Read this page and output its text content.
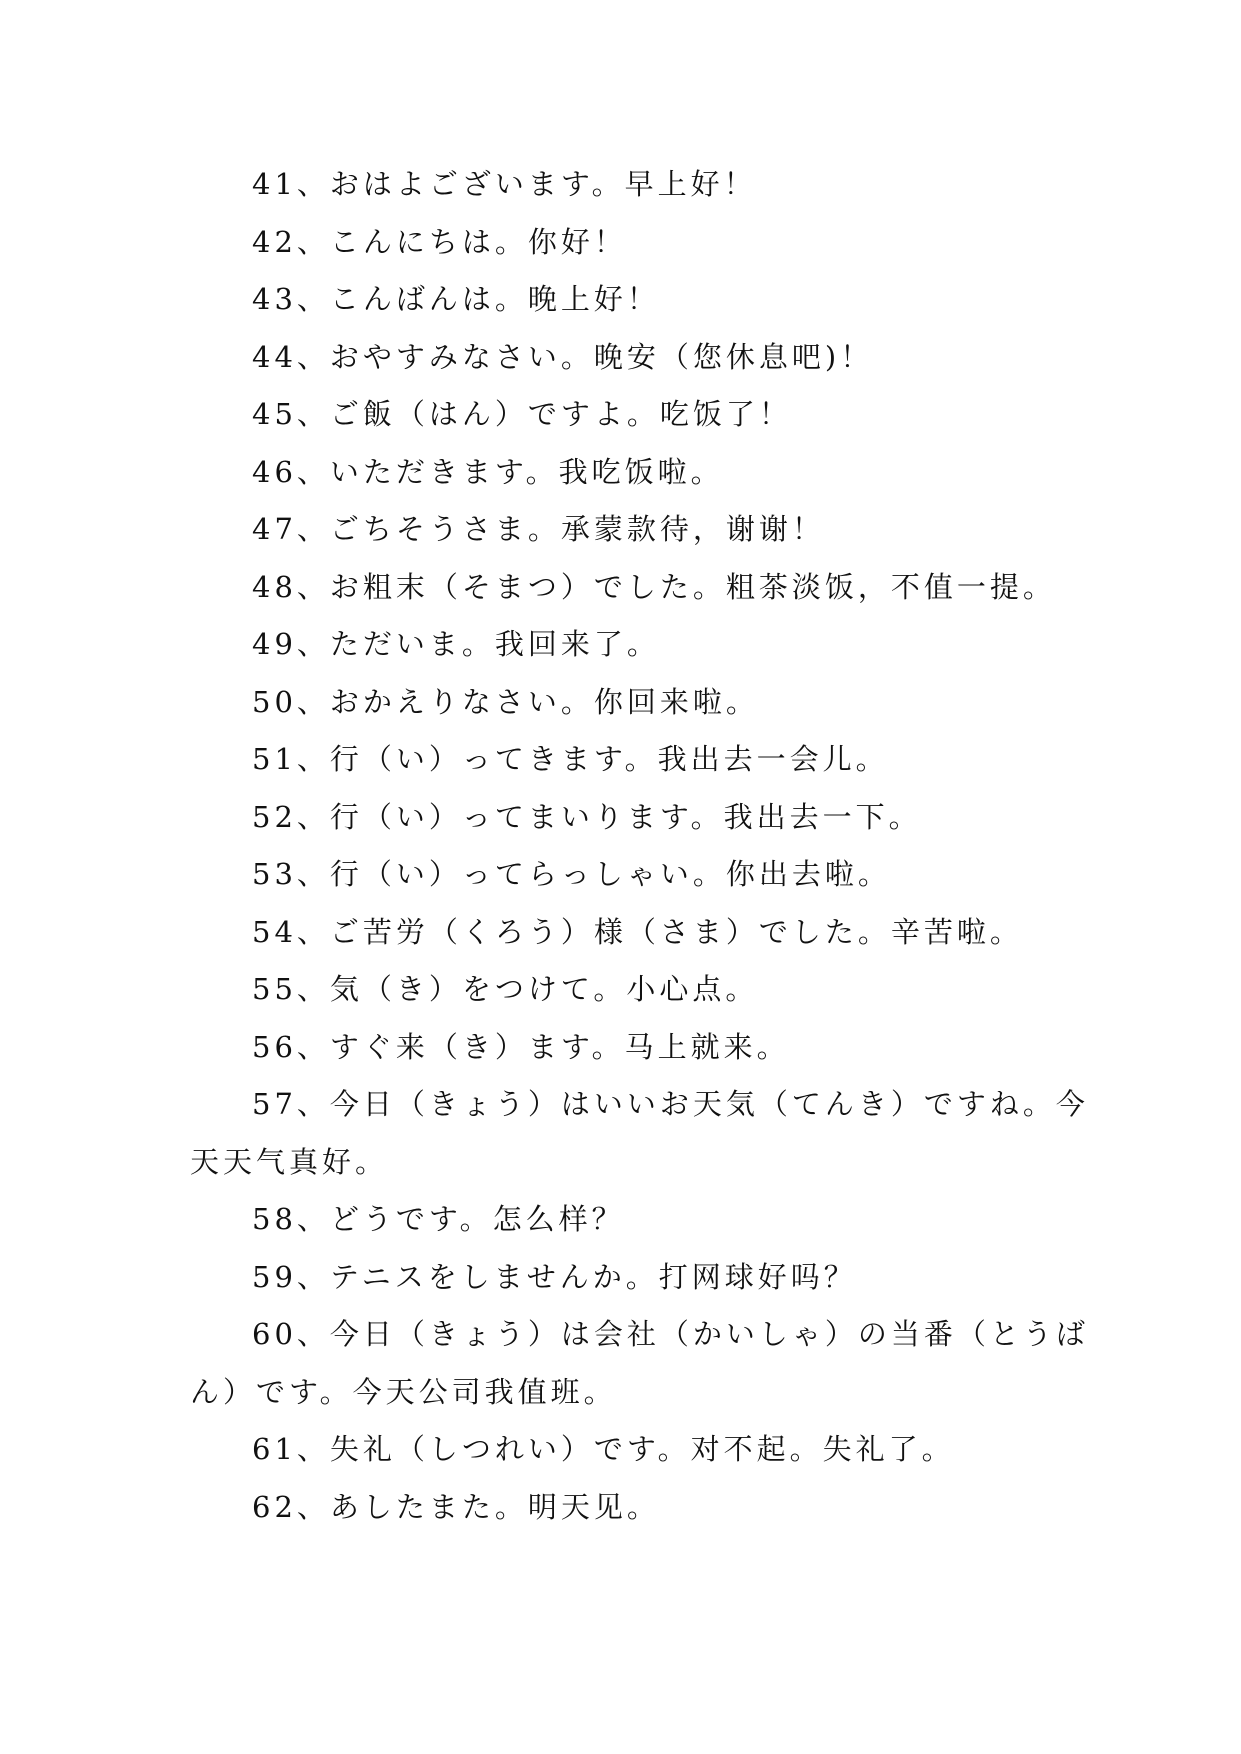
41、おはよございます。早上好！

42、こんにちは。你好！

43、こんばんは。晚上好！

44、おやすみなさい。晚安（您休息吧)！

45、ご飯（はん）ですよ。吃饭了！

46、いただきます。我吃饭啦。

47、ごちそうさま。承蒙款待，谢谢！

48、お粗末（そまつ）でした。粗茶淡饭，不值一提。

49、ただいま。我回来了。

50、おかえりなさい。你回来啦。

51、行（い）ってきます。我出去一会儿。

52、行（い）ってまいります。我出去一下。

53、行（い）ってらっしゃい。你出去啦。

54、ご苦労（くろう）様（さま）でした。辛苦啦。

55、気（き）をつけて。小心点。

56、すぐ来（き）ます。马上就来。

57、今日（きょう）はいいお天気（てんき）ですね。今天天气真好。

58、どうです。怎么样？

59、テニスをしませんか。打网球好吗？

60、今日（きょう）は会社（かいしゃ）の当番（とうばん）です。今天公司我值班。

61、失礼（しつれい）です。对不起。失礼了。

62、あしたまた。明天见。
